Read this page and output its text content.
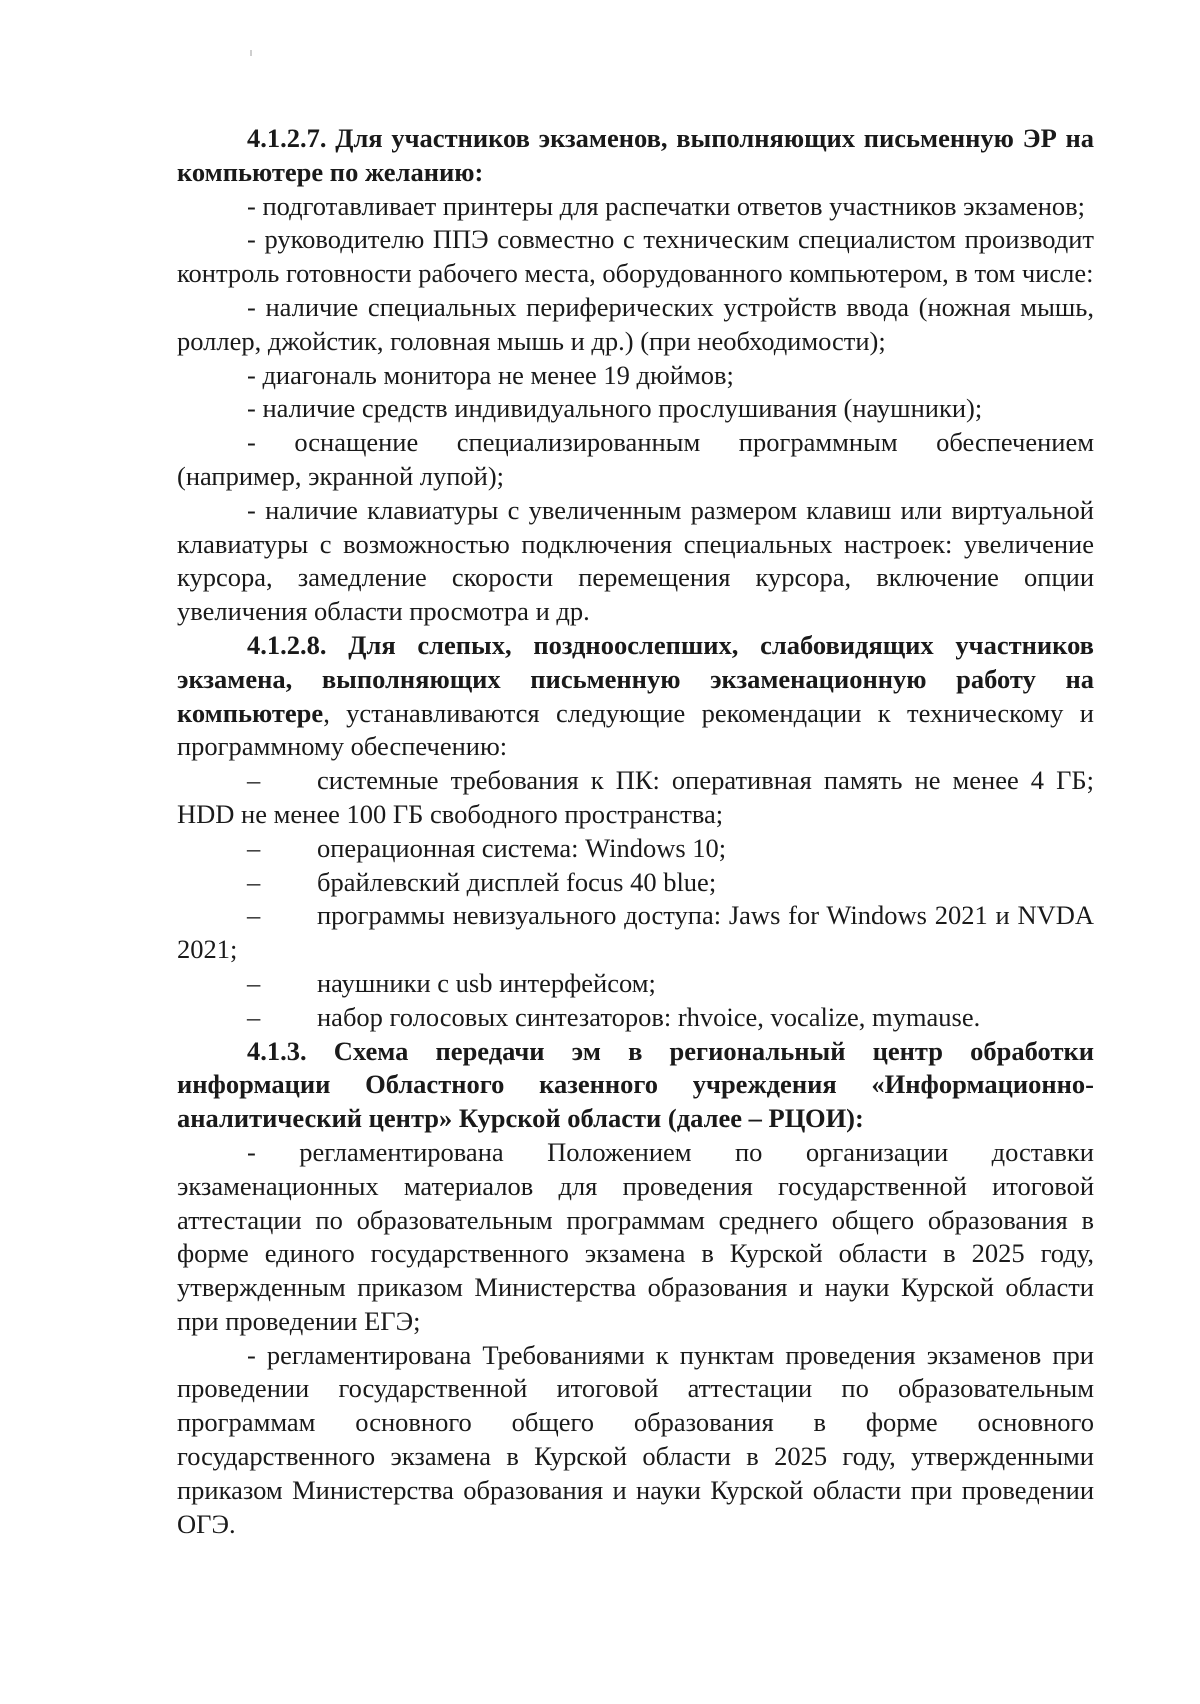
4.1.2.7. Для участников экзаменов, выполняющих письменную ЭР на компьютере по желанию:

- подготавливает принтеры для распечатки ответов участников экзаменов;

- руководителю ППЭ совместно с техническим специалистом производит контроль готовности рабочего места, оборудованного компьютером, в том числе:

- наличие специальных периферических устройств ввода (ножная мышь, роллер, джойстик, головная мышь и др.) (при необходимости);

- диагональ монитора не менее 19 дюймов;

- наличие средств индивидуального прослушивания (наушники);

- оснащение специализированным программным обеспечением (например, экранной лупой);

- наличие клавиатуры с увеличенным размером клавиш или виртуальной клавиатуры с возможностью подключения специальных настроек: увеличение курсора, замедление скорости перемещения курсора, включение опции увеличения области просмотра и др.

4.1.2.8. Для слепых, поздноослепших, слабовидящих участников экзамена, выполняющих письменную экзаменационную работу на компьютере, устанавливаются следующие рекомендации к техническому и программному обеспечению:

– системные требования к ПК: оперативная память не менее 4 ГБ; HDD не менее 100 ГБ свободного пространства;

– операционная система: Windows 10;

– брайлевский дисплей focus 40 blue;

– программы невизуального доступа: Jaws for Windows 2021 и NVDA 2021;

– наушники с usb интерфейсом;

– набор голосовых синтезаторов: rhvoice, vocalize, mymause.

4.1.3. Схема передачи эм в региональный центр обработки информации Областного казенного учреждения «Информационно-аналитический центр» Курской области (далее – РЦОИ):

- регламентирована Положением по организации доставки экзаменационных материалов для проведения государственной итоговой аттестации по образовательным программам среднего общего образования в форме единого государственного экзамена в Курской области в 2025 году, утвержденным приказом Министерства образования и науки Курской области при проведении ЕГЭ;

- регламентирована Требованиями к пунктам проведения экзаменов при проведении государственной итоговой аттестации по образовательным программам основного общего образования в форме основного государственного экзамена в Курской области в 2025 году, утвержденными приказом Министерства образования и науки Курской области при проведении ОГЭ.
